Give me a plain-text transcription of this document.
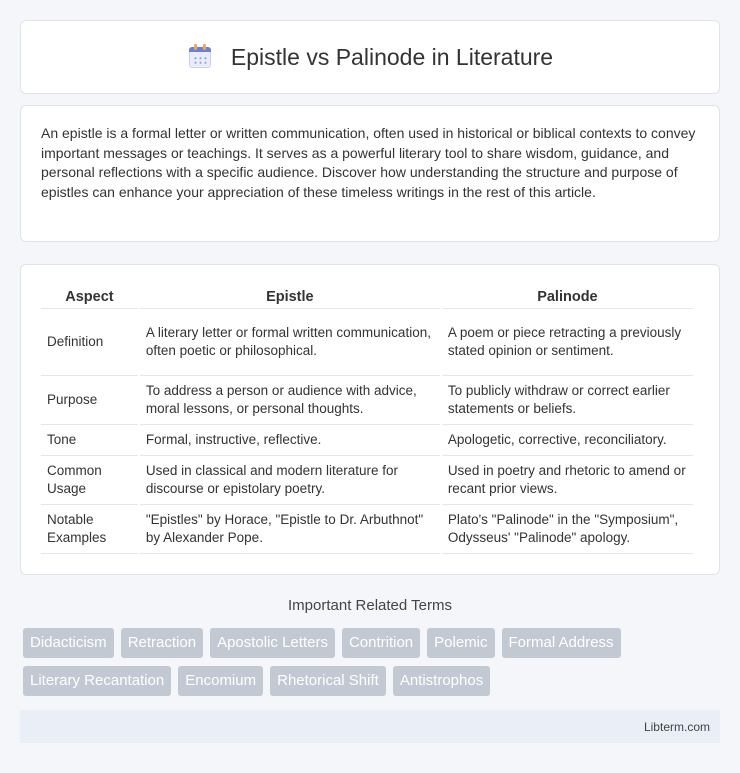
Epistle vs Palinode in Literature

An epistle is a formal letter or written communication, often used in historical or biblical contexts to convey important messages or teachings. It serves as a powerful literary tool to share wisdom, guidance, and personal reflections with a specific audience. Discover how understanding the structure and purpose of epistles can enhance your appreciation of these timeless writings in the rest of this article.

Aspect	Epistle	Palinode
Definition	A literary letter or formal written communication, often poetic or philosophical.	A poem or piece retracting a previously stated opinion or sentiment.
Purpose	To address a person or audience with advice, moral lessons, or personal thoughts.	To publicly withdraw or correct earlier statements or beliefs.
Tone	Formal, instructive, reflective.	Apologetic, corrective, reconciliatory.
Common Usage	Used in classical and modern literature for discourse or epistolary poetry.	Used in poetry and rhetoric to amend or recant prior views.
Notable Examples	"Epistles" by Horace, "Epistle to Dr. Arbuthnot" by Alexander Pope.	Plato's "Palinode" in the "Symposium", Odysseus' "Palinode" apology.
Important Related Terms
Didacticism	Retraction	Apostolic Letters	Contrition	Polemic	Formal Address
Literary Recantation	Encomium	Rhetorical Shift	Antistrophos
Libterm.com
